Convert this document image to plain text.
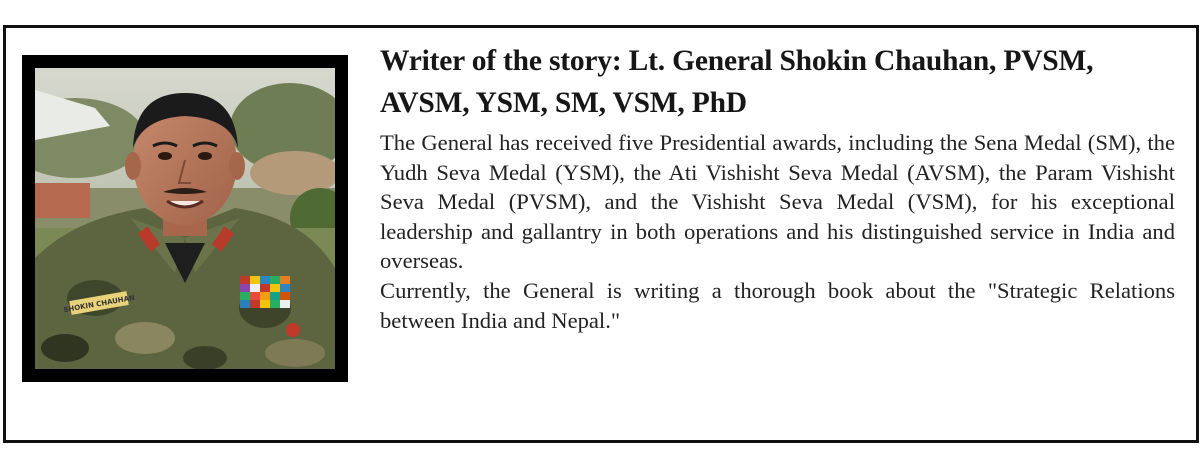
SHOKIN CHAUHAN
Writer of the story: Lt. General Shokin Chauhan, PVSM, AVSM, YSM, SM, VSM, PhD

The General has received five Presidential awards, including the Sena Medal (SM), the Yudh Seva Medal (YSM), the Ati Vishisht Seva Medal (AVSM), the Param Vishisht Seva Medal (PVSM), and the Vishisht Seva Medal (VSM), for his exceptional leadership and gallantry in both operations and his distinguished service in India and overseas.

Currently, the General is writing a thorough book about the "Strategic Relations between India and Nepal."
